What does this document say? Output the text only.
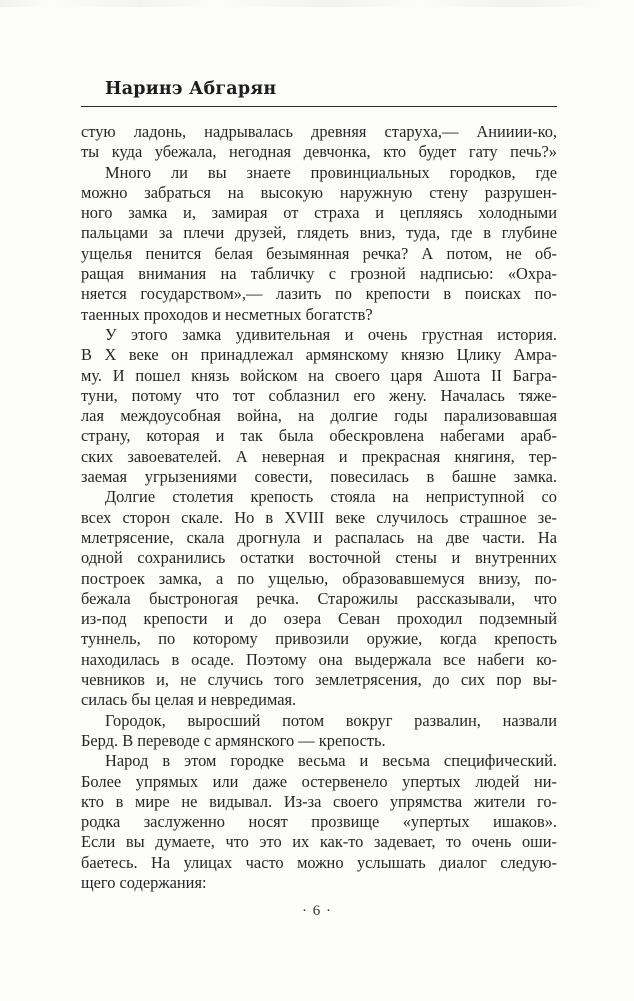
Наринэ Абгарян
стую ладонь, надрывалась древняя старуха,— Анииии-ко,
ты куда убежала, негодная девчонка, кто будет гату печь?»
Много ли вы знаете провинциальных городков, где
можно забраться на высокую наружную стену разрушен-
ного замка и, замирая от страха и цепляясь холодными
пальцами за плечи друзей, глядеть вниз, туда, где в глубине
ущелья пенится белая безымянная речка? А потом, не об-
ращая внимания на табличку с грозной надписью: «Охра-
няется государством»,— лазить по крепости в поисках по-
таенных проходов и несметных богатств?
У этого замка удивительная и очень грустная история.
В X веке он принадлежал армянскому князю Цлику Амра-
му. И пошел князь войском на своего царя Ашота II Багра-
туни, потому что тот соблазнил его жену. Началась тяже-
лая междоусобная война, на долгие годы парализовавшая
страну, которая и так была обескровлена набегами араб-
ских завоевателей. А неверная и прекрасная княгиня, тер-
заемая угрызениями совести, повесилась в башне замка.
Долгие столетия крепость стояла на неприступной со
всех сторон скале. Но в XVIII веке случилось страшное зе-
млетрясение, скала дрогнула и распалась на две части. На
одной сохранились остатки восточной стены и внутренних
построек замка, а по ущелью, образовавшемуся внизу, по-
бежала быстроногая речка. Старожилы рассказывали, что
из-под крепости и до озера Севан проходил подземный
туннель, по которому привозили оружие, когда крепость
находилась в осаде. Поэтому она выдержала все набеги ко-
чевников и, не случись того землетрясения, до сих пор вы-
силась бы целая и невредимая.
Городок, выросший потом вокруг развалин, назвали
Берд. В переводе с армянского — крепость.
Народ в этом городке весьма и весьма специфический.
Более упрямых или даже остервенело упертых людей ни-
кто в мире не видывал. Из-за своего упрямства жители го-
родка заслуженно носят прозвище «упертых ишаков».
Если вы думаете, что это их как-то задевает, то очень оши-
баетесь. На улицах часто можно услышать диалог следую-
щего содержания:
· 6 ·
